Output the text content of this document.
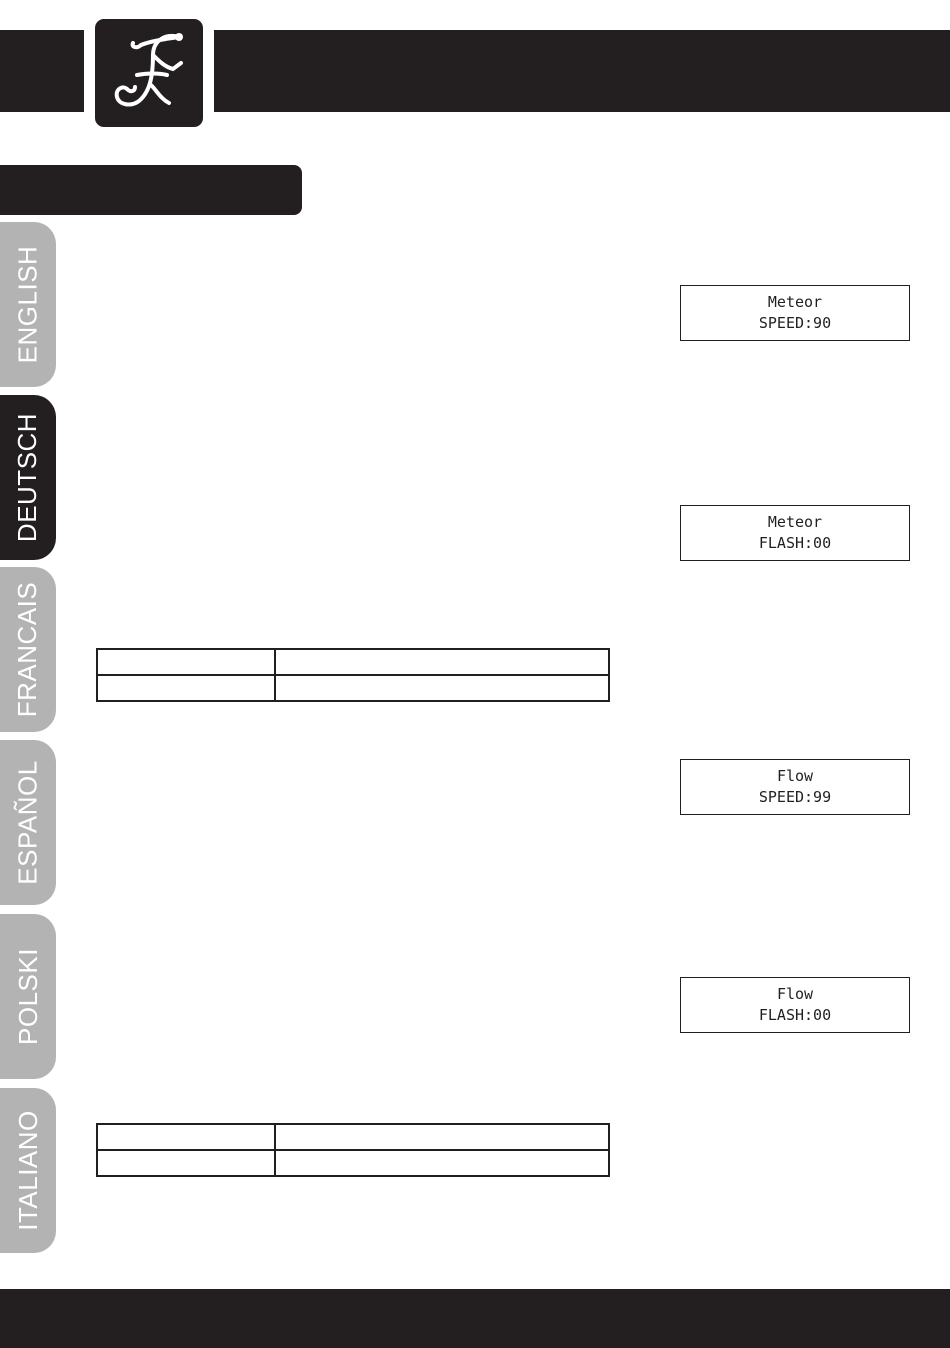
ENGLISH
DEUTSCH
FRANCAIS
ESPAÑOL
POLSKI
ITALIANO
Meteor
SPEED:90
Meteor
FLASH:00
Flow
SPEED:99
Flow
FLASH:00
